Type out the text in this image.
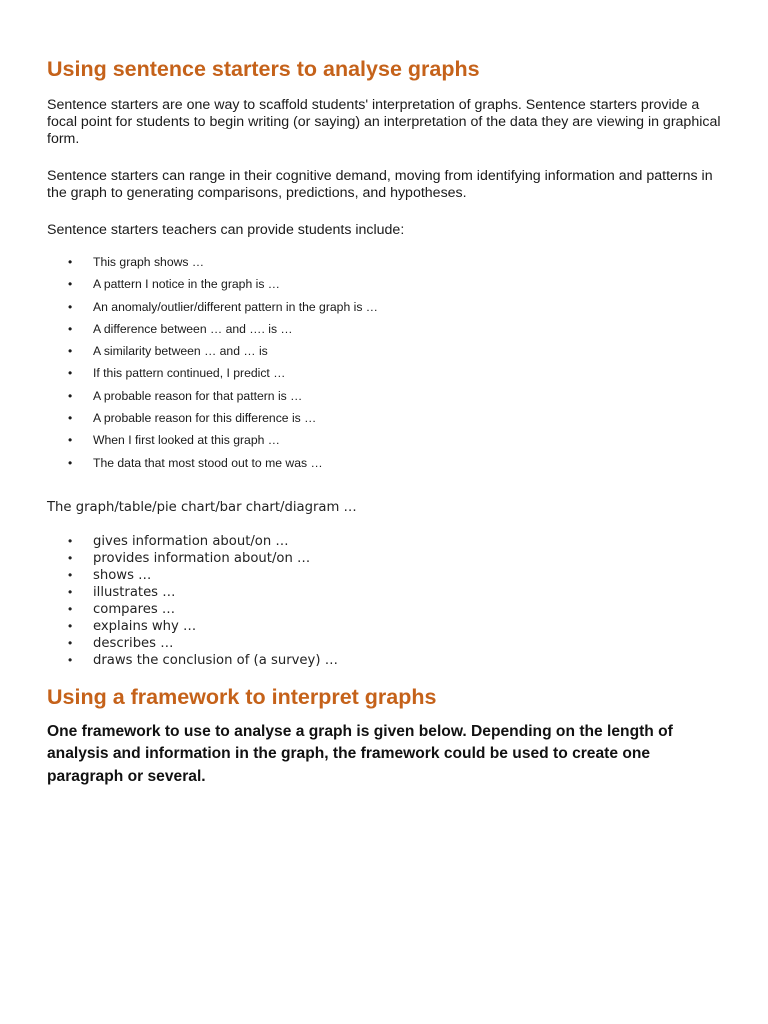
Using sentence starters to analyse graphs

Sentence starters are one way to scaffold students' interpretation of graphs. Sentence starters provide a focal point for students to begin writing (or saying) an interpretation of the data they are viewing in graphical form.

Sentence starters can range in their cognitive demand, moving from identifying information and patterns in the graph to generating comparisons, predictions, and hypotheses.

Sentence starters teachers can provide students include:

• This graph shows …
• A pattern I notice in the graph is …
• An anomaly/outlier/different pattern in the graph is …
• A difference between … and …. is …
• A similarity between … and … is
• If this pattern continued, I predict …
• A probable reason for that pattern is …
• A probable reason for this difference is …
• When I first looked at this graph …
• The data that most stood out to me was …

The graph/table/pie chart/bar chart/diagram …

• gives information about/on …
• provides information about/on …
• shows …
• illustrates …
• compares …
• explains why …
• describes …
• draws the conclusion of (a survey) …
Using a framework to interpret graphs

One framework to use to analyse a graph is given below. Depending on the length of analysis and information in the graph, the framework could be used to create one paragraph or several.
